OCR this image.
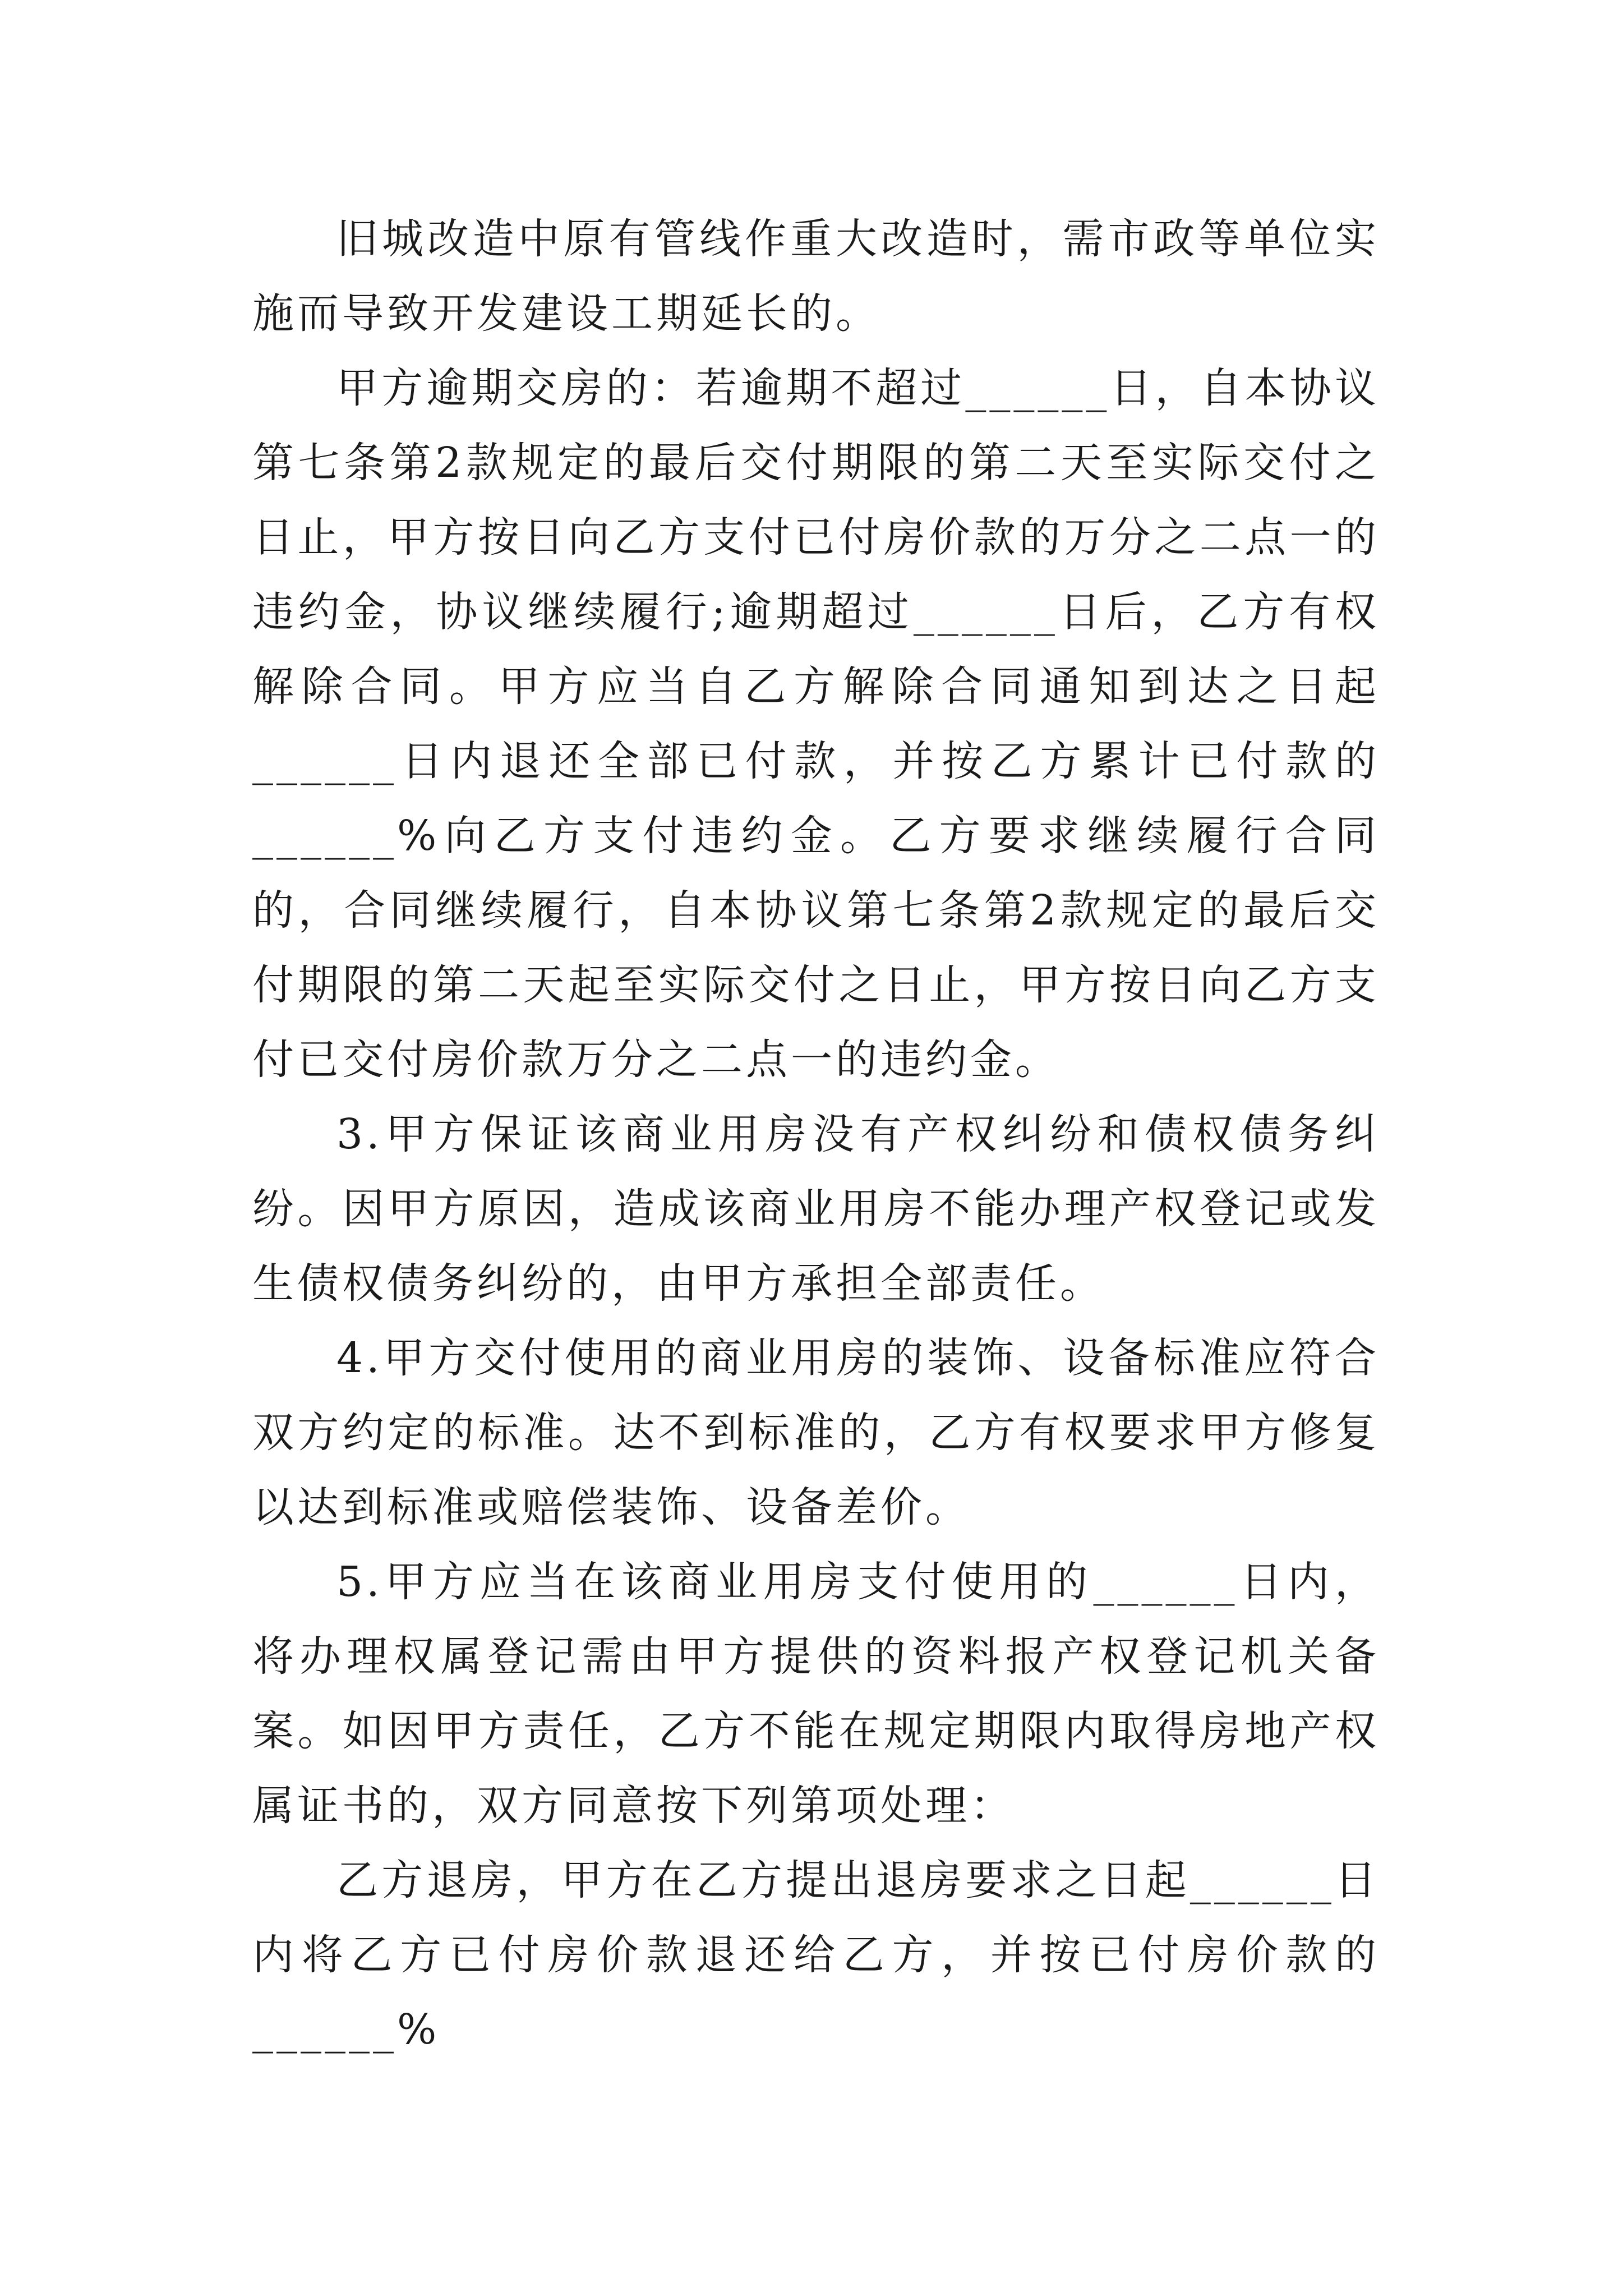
旧城改造中原有管线作重大改造时，需市政等单位实施而导致开发建设工期延长的。

甲方逾期交房的：若逾期不超过______日，自本协议第七条第2款规定的最后交付期限的第二天至实际交付之日止，甲方按日向乙方支付已付房价款的万分之二点一的违约金，协议继续履行;逾期超过______日后，乙方有权解除合同。甲方应当自乙方解除合同通知到达之日起______日内退还全部已付款，并按乙方累计已付款的______%向乙方支付违约金。乙方要求继续履行合同的，合同继续履行，自本协议第七条第2款规定的最后交付期限的第二天起至实际交付之日止，甲方按日向乙方支付已交付房价款万分之二点一的违约金。

3.甲方保证该商业用房没有产权纠纷和债权债务纠纷。因甲方原因，造成该商业用房不能办理产权登记或发生债权债务纠纷的，由甲方承担全部责任。

4.甲方交付使用的商业用房的装饰、设备标准应符合双方约定的标准。达不到标准的，乙方有权要求甲方修复以达到标准或赔偿装饰、设备差价。

5.甲方应当在该商业用房支付使用的______日内，将办理权属登记需由甲方提供的资料报产权登记机关备案。如因甲方责任，乙方不能在规定期限内取得房地产权属证书的，双方同意按下列第项处理：

乙方退房，甲方在乙方提出退房要求之日起______日内将乙方已付房价款退还给乙方，并按已付房价款的______%
